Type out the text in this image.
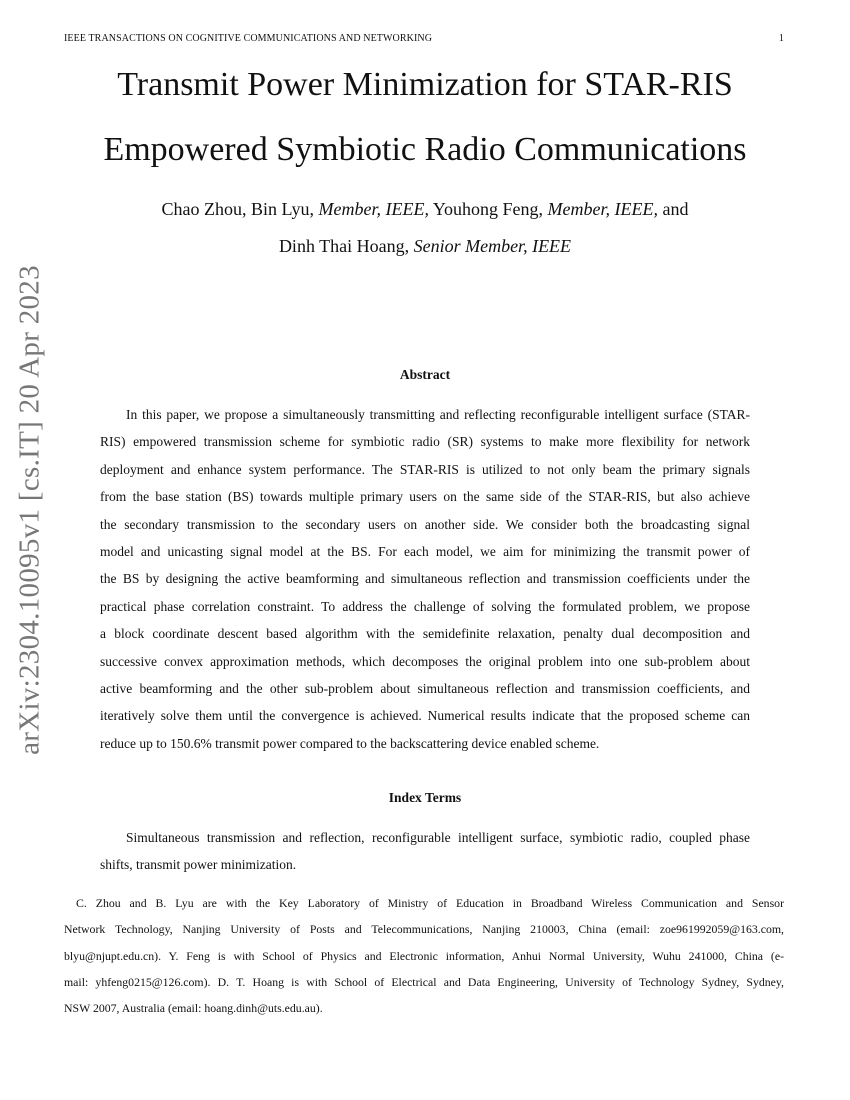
IEEE TRANSACTIONS ON COGNITIVE COMMUNICATIONS AND NETWORKING	1
Transmit Power Minimization for STAR-RIS
Empowered Symbiotic Radio Communications
Chao Zhou, Bin Lyu, Member, IEEE, Youhong Feng, Member, IEEE, and
Dinh Thai Hoang, Senior Member, IEEE
arXiv:2304.10095v1 [cs.IT] 20 Apr 2023	Abstract
In this paper, we propose a simultaneously transmitting and reflecting reconfigurable intelligent surface (STAR-
RIS) empowered transmission scheme for symbiotic radio (SR) systems to make more flexibility for network
deployment and enhance system performance. The STAR-RIS is utilized to not only beam the primary signals
from the base station (BS) towards multiple primary users on the same side of the STAR-RIS, but also achieve
the secondary transmission to the secondary users on another side. We consider both the broadcasting signal
model and unicasting signal model at the BS. For each model, we aim for minimizing the transmit power of
the BS by designing the active beamforming and simultaneous reflection and transmission coefficients under the
practical phase correlation constraint. To address the challenge of solving the formulated problem, we propose
a block coordinate descent based algorithm with the semidefinite relaxation, penalty dual decomposition and
successive convex approximation methods, which decomposes the original problem into one sub-problem about
active beamforming and the other sub-problem about simultaneous reflection and transmission coefficients, and
iteratively solve them until the convergence is achieved. Numerical results indicate that the proposed scheme can
reduce up to 150.6% transmit power compared to the backscattering device enabled scheme.
Index Terms
Simultaneous transmission and reflection, reconfigurable intelligent surface, symbiotic radio, coupled phase
shifts, transmit power minimization.
C. Zhou and B. Lyu are with the Key Laboratory of Ministry of Education in Broadband Wireless Communication and Sensor
Network Technology, Nanjing University of Posts and Telecommunications, Nanjing 210003, China (email: zoe961992059@163.com,
blyu@njupt.edu.cn). Y. Feng is with School of Physics and Electronic information, Anhui Normal University, Wuhu 241000, China (e-
mail: yhfeng0215@126.com). D. T. Hoang is with School of Electrical and Data Engineering, University of Technology Sydney, Sydney,
NSW 2007, Australia (email: hoang.dinh@uts.edu.au).
